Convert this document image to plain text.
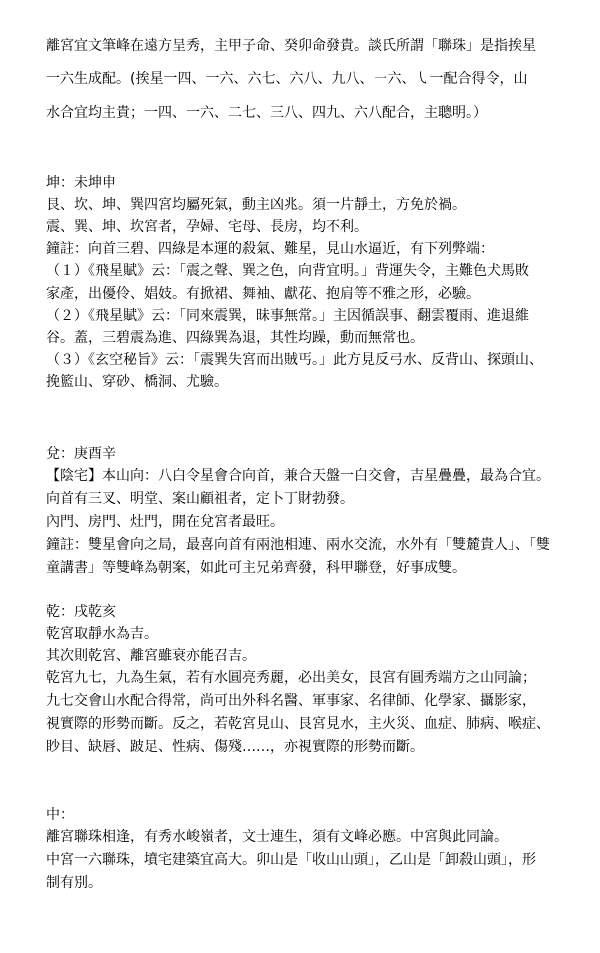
離宮宜文筆峰在遠方呈秀，主甲子命、癸卯命發貴。談氏所謂「聯珠」是指挨星
一六生成配。(挨星一四、一六、六七、六八、九八、㇐六、㇂一配合得令，山
水合宜均主貴；一四、一六、二七、三八、四九、六八配合，主聰明。）
坤：未坤申
艮、坎、坤、巽四宮均屬死氣，動主凶兆。須一片靜土，方免於禍。
震、巽、坤、坎宮者，孕婦、宅母、長房，均不利。
鐘註：向首三碧、四綠是本運的殺氣、難星，見山水逼近，有下列弊端：
（１）《飛星賦》云：「震之聲、巽之色，向背宜明。」背運失令，主難色犬馬敗
家產，出優伶、娼妓。有掀裙、舞袖、獻花、抱肩等不雅之形，必驗。
（２）《飛星賦》云：「同來震巽，昧事無常。」主因循誤事、翻雲覆雨、進退維
谷。蓋，三碧震為進、四綠巽為退，其性均躁，動而無常也。
（３）《玄空秘旨》云：「震巽失宮而出賊丐。」此方見反弓水、反背山、探頭山、
挽籃山、穿砂、橋洞、尤驗。
兌：庚酉辛
【陰宅】本山向：八白令星會合向首，兼合天盤一白交會，吉星疊疊，最為合宜。
向首有三叉、明堂、案山顧祖者，定卜丁財勃發。
內門、房門、灶門，開在兌宮者最旺。
鐘註：雙星會向之局，最喜向首有兩池相連、兩水交流，水外有「雙麓貴人」、「雙
童講書」等雙峰為朝案，如此可主兄弟齊發，科甲聯登，好事成雙。
乾：戌乾亥
乾宮取靜水為吉。
其次則乾宮、離宮雖衰亦能召吉。
乾宮九七，九為生氣，若有水圓亮秀麗，必出美女，艮宮有圓秀端方之山同論；
九七交會山水配合得常，尚可出外科名醫、軍事家、名律師、化學家、攝影家，
視實際的形勢而斷。反之，若乾宮見山、艮宮見水，主火災、血症、肺病、喉症、
眇目、缺唇、跛足、性病、傷殘……，亦視實際的形勢而斷。
中：
離宮聯珠相逢，有秀水峻嶺者，文士連生，須有文峰必應。中宮與此同論。
中宮一六聯珠，墳宅建築宜高大。卯山是「收山山頭」，乙山是「卸殺山頭」，形
制有別。
